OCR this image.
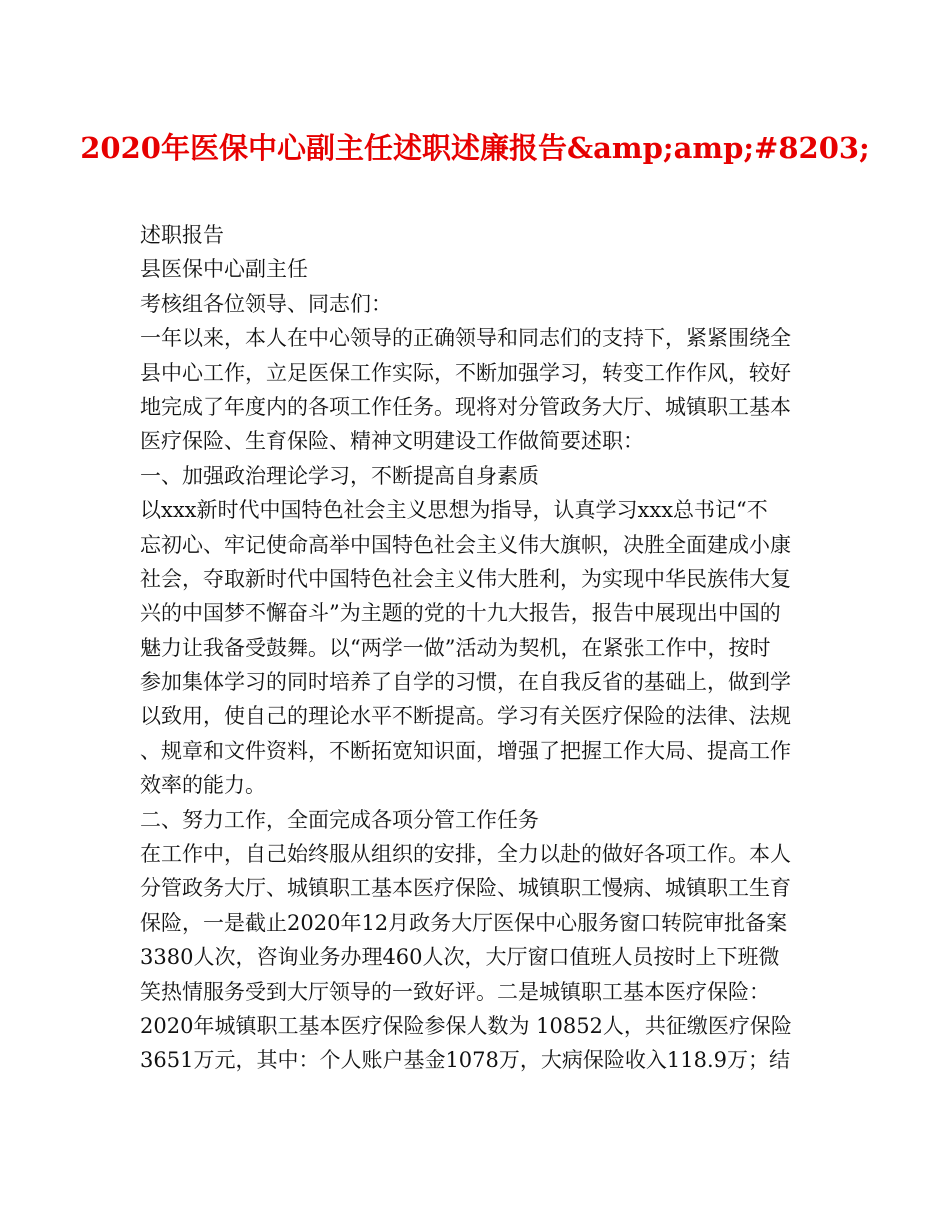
2020年医保中心副主任述职述廉报告&amp;amp;#8203;
述职报告
县医保中心副主任
考核组各位领导、同志们：
一年以来，本人在中心领导的正确领导和同志们的支持下，紧紧围绕全
县中心工作，立足医保工作实际，不断加强学习，转变工作作风，较好
地完成了年度内的各项工作任务。现将对分管政务大厅、城镇职工基本
医疗保险、生育保险、精神文明建设工作做简要述职：
一、加强政治理论学习，不断提高自身素质
以xxx新时代中国特色社会主义思想为指导，认真学习xxx总书记“不
忘初心、牢记使命高举中国特色社会主义伟大旗帜，决胜全面建成小康
社会，夺取新时代中国特色社会主义伟大胜利，为实现中华民族伟大复
兴的中国梦不懈奋斗”为主题的党的十九大报告，报告中展现出中国的
魅力让我备受鼓舞。以“两学一做”活动为契机，在紧张工作中，按时
参加集体学习的同时培养了自学的习惯，在自我反省的基础上，做到学
以致用，使自己的理论水平不断提高。学习有关医疗保险的法律、法规
、规章和文件资料，不断拓宽知识面，增强了把握工作大局、提高工作
效率的能力。
二、努力工作，全面完成各项分管工作任务
在工作中，自己始终服从组织的安排，全力以赴的做好各项工作。本人
分管政务大厅、城镇职工基本医疗保险、城镇职工慢病、城镇职工生育
保险，一是截止2020年12月政务大厅医保中心服务窗口转院审批备案
3380人次，咨询业务办理460人次，大厅窗口值班人员按时上下班微
笑热情服务受到大厅领导的一致好评。二是城镇职工基本医疗保险：
2020年城镇职工基本医疗保险参保人数为 10852人，共征缴医疗保险
3651万元，其中：个人账户基金1078万，大病保险收入118.9万；结
